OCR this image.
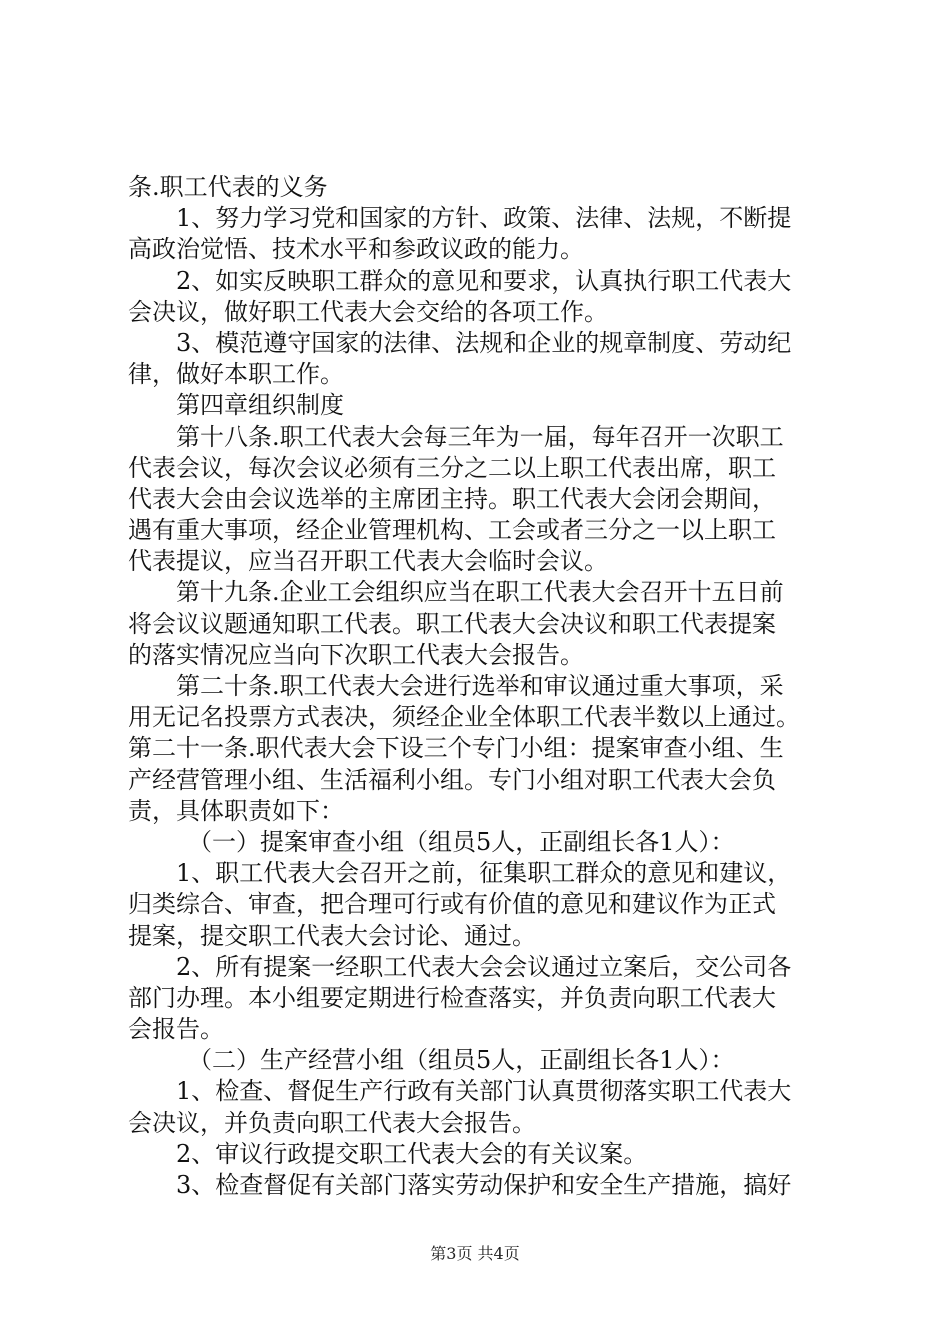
条.职工代表的义务
1、努力学习党和国家的方针、政策、法律、法规，不断提
高政治觉悟、技术水平和参政议政的能力。
2、如实反映职工群众的意见和要求，认真执行职工代表大
会决议，做好职工代表大会交给的各项工作。
3、模范遵守国家的法律、法规和企业的规章制度、劳动纪
律，做好本职工作。
第四章组织制度
第十八条.职工代表大会每三年为一届，每年召开一次职工
代表会议，每次会议必须有三分之二以上职工代表出席，职工
代表大会由会议选举的主席团主持。职工代表大会闭会期间，
遇有重大事项，经企业管理机构、工会或者三分之一以上职工
代表提议，应当召开职工代表大会临时会议。
第十九条.企业工会组织应当在职工代表大会召开十五日前
将会议议题通知职工代表。职工代表大会决议和职工代表提案
的落实情况应当向下次职工代表大会报告。
第二十条.职工代表大会进行选举和审议通过重大事项，采
用无记名投票方式表决，须经企业全体职工代表半数以上通过。
第二十一条.职代表大会下设三个专门小组：提案审查小组、生
产经营管理小组、生活福利小组。专门小组对职工代表大会负
责，具体职责如下：
（一）提案审查小组（组员5人，正副组长各1人）：
1、职工代表大会召开之前，征集职工群众的意见和建议，
归类综合、审查，把合理可行或有价值的意见和建议作为正式
提案，提交职工代表大会讨论、通过。
2、所有提案一经职工代表大会会议通过立案后，交公司各
部门办理。本小组要定期进行检查落实，并负责向职工代表大
会报告。
（二）生产经营小组（组员5人，正副组长各1人）：
1、检查、督促生产行政有关部门认真贯彻落实职工代表大
会决议，并负责向职工代表大会报告。
2、审议行政提交职工代表大会的有关议案。
3、检查督促有关部门落实劳动保护和安全生产措施，搞好
第3页 共4页
